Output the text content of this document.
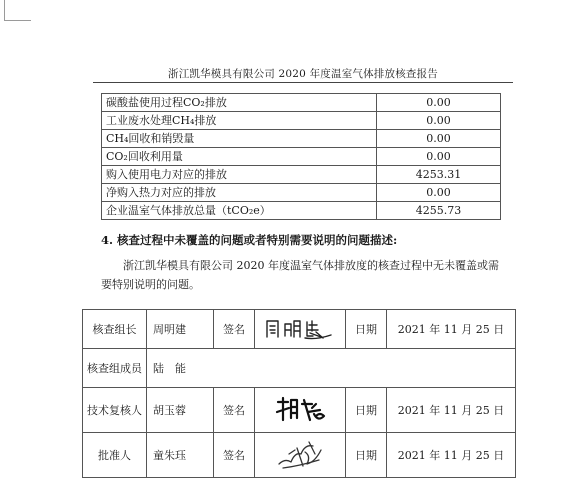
浙江凯华模具有限公司 2020 年度温室气体排放核查报告
碳酸盐使用过程CO₂排放	0.00
工业废水处理CH₄排放	0.00
CH₄回收和销毁量	0.00
CO₂回收利用量	0.00
购入使用电力对应的排放	4253.31
净购入热力对应的排放	0.00
企业温室气体排放总量（tCO₂e）	4255.73
4. 核查过程中未覆盖的问题或者特别需要说明的问题描述:
浙江凯华模具有限公司 2020 年度温室气体排放度的核查过程中无未覆盖或需要特别说明的问题。
核查组长	周明建	签名		日期	2021 年 11 月 25 日
核查组成员	陆　能				
技术复核人	胡玉蓉	签名		日期	2021 年 11 月 25 日
批准人	童朱珏	签名		日期	2021 年 11 月 25 日
